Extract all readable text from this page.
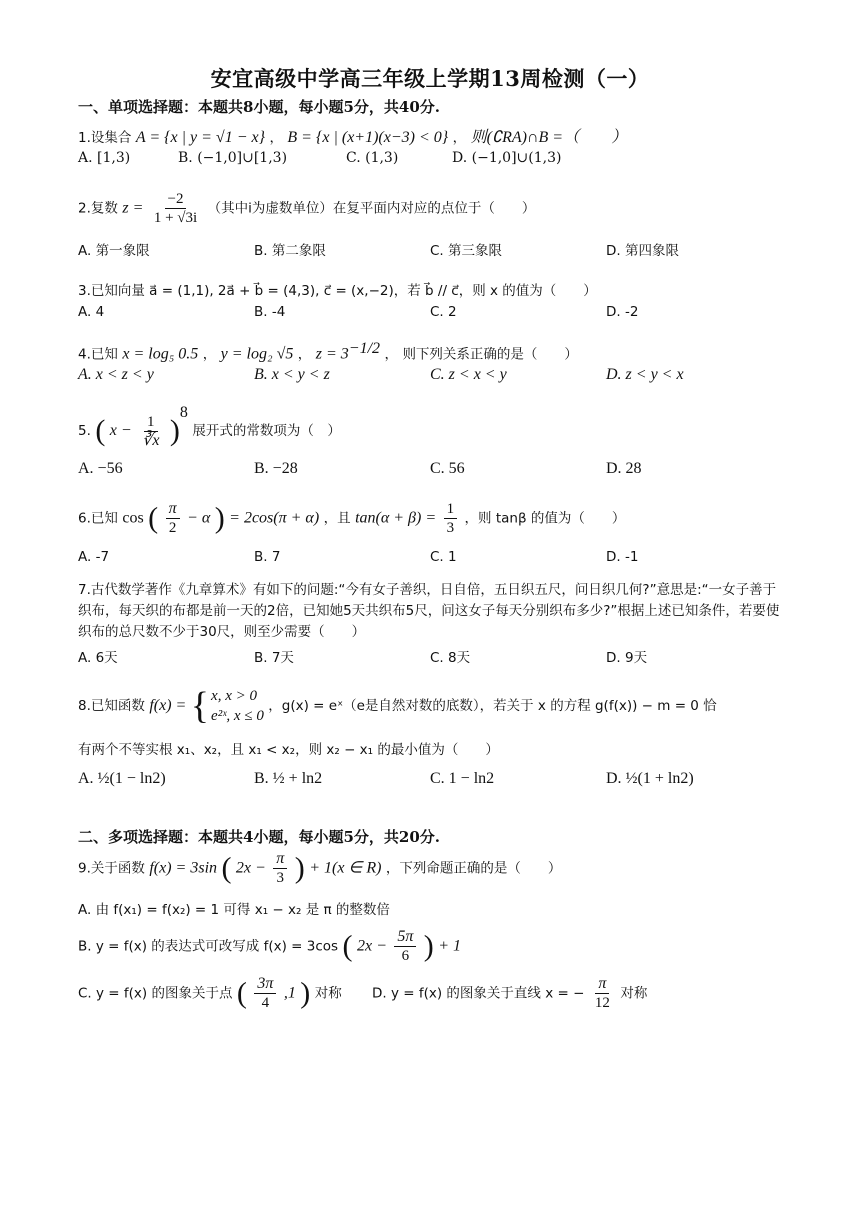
安宜高级中学高三年级上学期13周检测（一）
一、单项选择题：本题共8小题，每小题5分，共40分.
1.设集合 A = {x | y = √1 − x} ， B = {x | (x+1)(x−3) < 0} ， 则(∁RA)∩B =（　　）
A. [1,3)	B. (−1,0]∪[1,3)	C. (1,3)	D. (−1,0]∪(1,3)
2.复数 $z = \frac{-2}{1 + √3i}$ （其中i为虚数单位）在复平面内对应的点位于（　　）
A. 第一象限	B. 第二象限	C. 第三象限	D. 第四象限
3.已知向量 a⃗ = (1,1), 2a⃗ + b⃗ = (4,3), c⃗ = (x,−2)，若 b⃗ // c⃗，则 x 的值为（　　）
A. 4	B. -4	C. 2	D. -2
4.已知 x = log₅ 0.5 ， y = log₂ √5 ， $z = 3^{-1/2}$ ， 则下列关系正确的是（　　）
A. x < z < y	B. x < y < z	C. z < x < y	D. z < y < x
5. ( $x - \frac{1}{∛x} )^8$ 展开式的常数项为（　）
A. −56	B. −28	C. 56	D. 28
6.已知 cos ( $\frac{\pi}{2} - \alpha$ ) = 2cos(π + α) ，且 $\tan(\alpha + \beta) = \frac{1}{3}$ ，则 tanβ 的值为（　　）
A. -7	B. 7	C. 1	D. -1
7.古代数学著作《九章算术》有如下的问题:“今有女子善织，日自倍，五日织五尺，问日织几何?”意思是:“一女子善于织布，每天织的布都是前一天的2倍，已知她5天共织布5尺，问这女子每天分别织布多少?”根据上述已知条件，若要使织布的总尺数不少于30尺，则至少需要（　　）
A. 6天	B. 7天	C. 8天	D. 9天
8.已知函数 f(x) = { x, x > 0
e²ˣ, x ≤ 0
，g(x) = eˣ（e是自然对数的底数），若关于 x 的方程 g(f(x)) − m = 0 恰
有两个不等实根 x₁、x₂，且 x₁ < x₂，则 x₂ − x₁ 的最小值为（　　）
A. ½(1 − ln2)	B. ½ + ln2	C. 1 − ln2	D. ½(1 + ln2)
二、多项选择题：本题共4小题，每小题5分，共20分.
9.关于函数 f(x) = 3sin ( $2x - \frac{\pi}{3}$ ) + 1(x ∈ R) ，下列命题正确的是（　　）
A. 由 f(x₁) = f(x₂) = 1 可得 x₁ − x₂ 是 π 的整数倍
B. y = f(x) 的表达式可改写成 f(x) = 3cos ( $2x - \frac{5\pi}{6}$ ) + 1
C. y = f(x) 的图象关于点 ( $\frac{3\pi}{4} ,1$ ) 对称 D. y = f(x) 的图象关于直线 x = − $\frac{\pi}{12}$ 对称
